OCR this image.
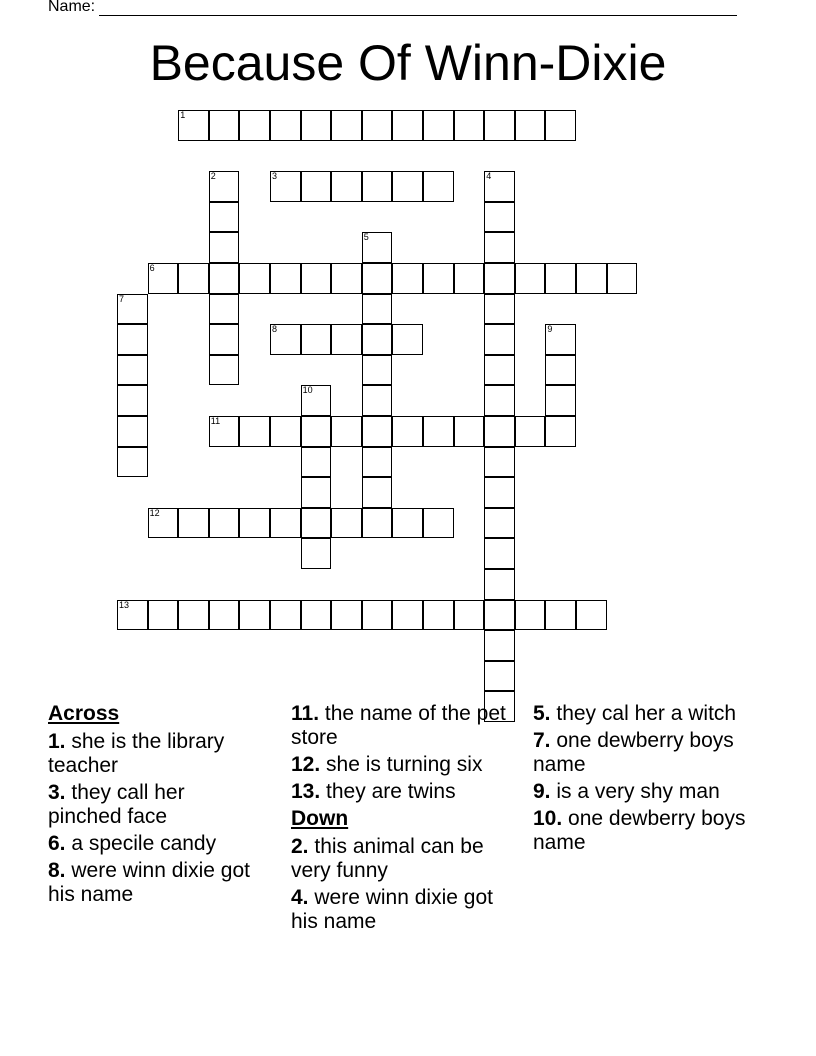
Name:
Because Of Winn-Dixie
1
2	3	4
5
6
7
8	9
10
11
12
13
Across
1. she is the library teacher
3. they call her pinched face
6. a specile candy
8. were winn dixie got his name
11. the name of the pet store
12. she is turning six
13. they are twins
Down
2. this animal can be very funny
4. were winn dixie got his name
5. they cal her a witch
7. one dewberry boys name
9. is a very shy man
10. one dewberry boys name
